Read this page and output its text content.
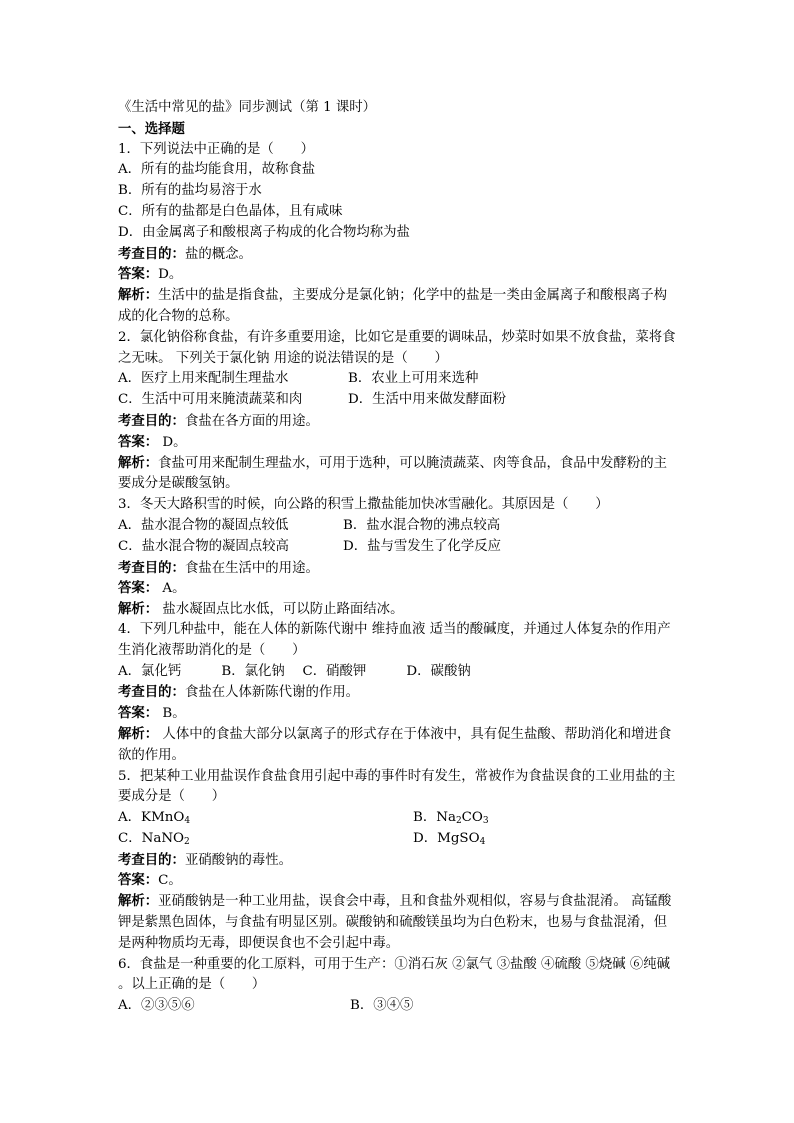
《生活中常见的盐》同步测试（第 1 课时）
一、选择题
1．下列说法中正确的是（　　）
A．所有的盐均能食用，故称食盐
B．所有的盐均易溶于水
C．所有的盐都是白色晶体，且有咸味
D．由金属离子和酸根离子构成的化合物均称为盐
考查目的：盐的概念。
答案：D。
解析：生活中的盐是指食盐，主要成分是氯化钠；化学中的盐是一类由金属离子和酸根离子构成的化合物的总称。
2．氯化钠俗称食盐，有许多重要用途，比如它是重要的调味品，炒菜时如果不放食盐，菜将食之无味。 下列关于氯化钠 用途的说法错误的是（　　）
A．医疗上用来配制生理盐水	B．农业上可用来选种
C．生活中可用来腌渍蔬菜和肉	D．生活中用来做发酵面粉
考查目的：食盐在各方面的用途。
答案： D。
解析：食盐可用来配制生理盐水，可用于选种，可以腌渍蔬菜、肉等食品，食品中发酵粉的主要成分是碳酸氢钠。
3．冬天大路积雪的时候，向公路的积雪上撒盐能加快冰雪融化。其原因是（　　）
A．盐水混合物的凝固点较低	B．盐水混合物的沸点较高
C．盐水混合物的凝固点较高	D．盐与雪发生了化学反应
考查目的：食盐在生活中的用途。
答案： A。
解析： 盐水凝固点比水低，可以防止路面结冰。
4．下列几种盐中，能在人体的新陈代谢中 维持血液 适当的酸碱度，并通过人体复杂的作用产生消化液帮助消化的是（　　）
A．氯化钙　　　B．氯化钠　 C．硝酸钾　　　D．碳酸钠
考查目的：食盐在人体新陈代谢的作用。
答案： B。
解析： 人体中的食盐大部分以氯离子的形式存在于体液中，具有促生盐酸、帮助消化和增进食欲的作用。
5．把某种工业用盐误作食盐食用引起中毒的事件时有发生，常被作为食盐误食的工业用盐的主要成分是（　　）
A．KMnO$_4$	B．$Na_2CO_3$
C．NaNO$_2$	D．MgSO$_4$
考查目的：亚硝酸钠的毒性。
答案：C。
解析：亚硝酸钠是一种工业用盐，误食会中毒，且和食盐外观相似，容易与食盐混淆。 高锰酸钾是紫黑色固体，与食盐有明显区别。碳酸钠和硫酸镁虽均为白色粉末，也易与食盐混淆，但是两种物质均无毒，即便误食也不会引起中毒。
6．食盐是一种重要的化工原料，可用于生产：①消石灰 ②氯气 ③盐酸 ④硫酸 ⑤烧碱 ⑥纯碱 。以上正确的是（　　）
A．②③⑤⑥	B．③④⑤
